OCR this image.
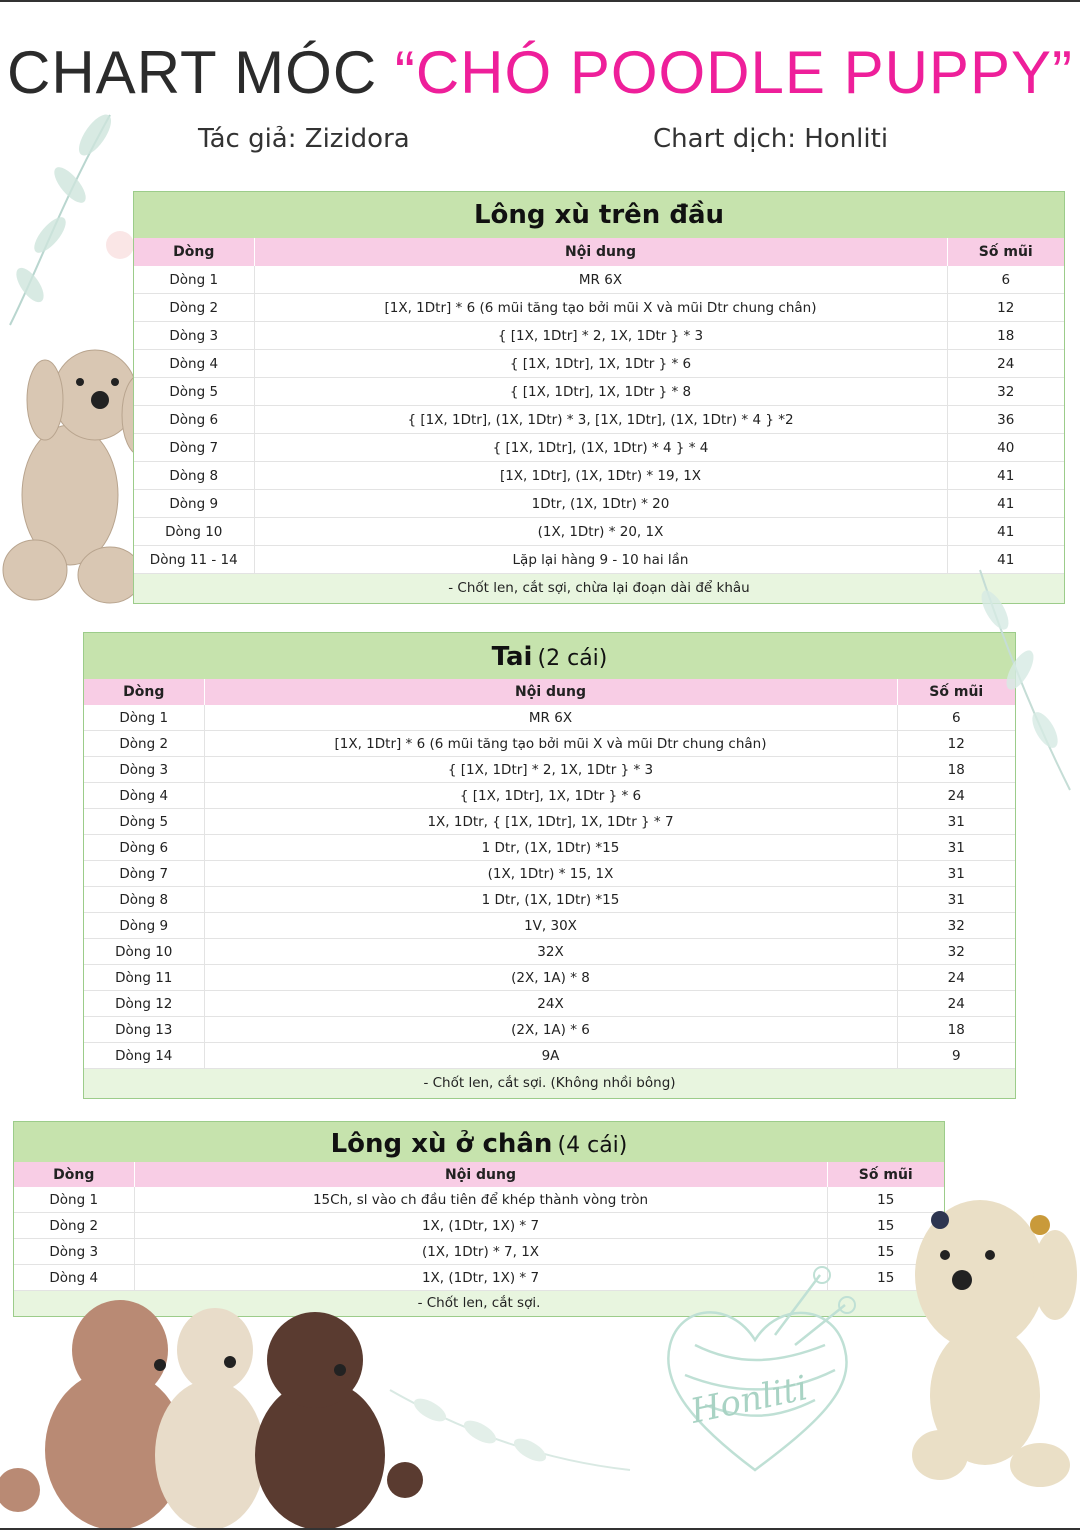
CHART MÓC “CHÓ POODLE PUPPY”
Tác giả: Zizidora	Chart dịch: Honliti
Lông xù trên đầu
Dòng	Nội dung	Số mũi
Dòng 1	MR 6X	6
Dòng 2	[1X, 1Dtr] * 6 (6 mũi tăng tạo bởi mũi X và mũi Dtr chung chân)	12
Dòng 3	{ [1X, 1Dtr] * 2, 1X, 1Dtr } * 3	18
Dòng 4	{ [1X, 1Dtr], 1X, 1Dtr } * 6	24
Dòng 5	{ [1X, 1Dtr], 1X, 1Dtr } * 8	32
Dòng 6	{ [1X, 1Dtr], (1X, 1Dtr) * 3, [1X, 1Dtr], (1X, 1Dtr) * 4 } *2	36
Dòng 7	{ [1X, 1Dtr], (1X, 1Dtr) * 4 } * 4	40
Dòng 8	[1X, 1Dtr], (1X, 1Dtr) * 19, 1X	41
Dòng 9	1Dtr, (1X, 1Dtr) * 20	41
Dòng 10	(1X, 1Dtr) * 20, 1X	41
Dòng 11 - 14	Lặp lại hàng 9 - 10 hai lần	41
- Chốt len, cắt sợi, chừa lại đoạn dài để khâu
Tai (2 cái)
Dòng	Nội dung	Số mũi
Dòng 1	MR 6X	6
Dòng 2	[1X, 1Dtr] * 6 (6 mũi tăng tạo bởi mũi X và mũi Dtr chung chân)	12
Dòng 3	{ [1X, 1Dtr] * 2, 1X, 1Dtr } * 3	18
Dòng 4	{ [1X, 1Dtr], 1X, 1Dtr } * 6	24
Dòng 5	1X, 1Dtr, { [1X, 1Dtr], 1X, 1Dtr } * 7	31
Dòng 6	1 Dtr, (1X, 1Dtr) *15	31
Dòng 7	(1X, 1Dtr) * 15, 1X	31
Dòng 8	1 Dtr, (1X, 1Dtr) *15	31
Dòng 9	1V, 30X	32
Dòng 10	32X	32
Dòng 11	(2X, 1A) * 8	24
Dòng 12	24X	24
Dòng 13	(2X, 1A) * 6	18
Dòng 14	9A	9
- Chốt len, cắt sợi. (Không nhồi bông)
Lông xù ở chân (4 cái)
Dòng	Nội dung	Số mũi
Dòng 1	15Ch, sl vào ch đầu tiên để khép thành vòng tròn	15
Dòng 2	1X, (1Dtr, 1X) * 7	15
Dòng 3	(1X, 1Dtr) * 7, 1X	15
Dòng 4	1X, (1Dtr, 1X) * 7	15
- Chốt len, cắt sợi.
Honliti
